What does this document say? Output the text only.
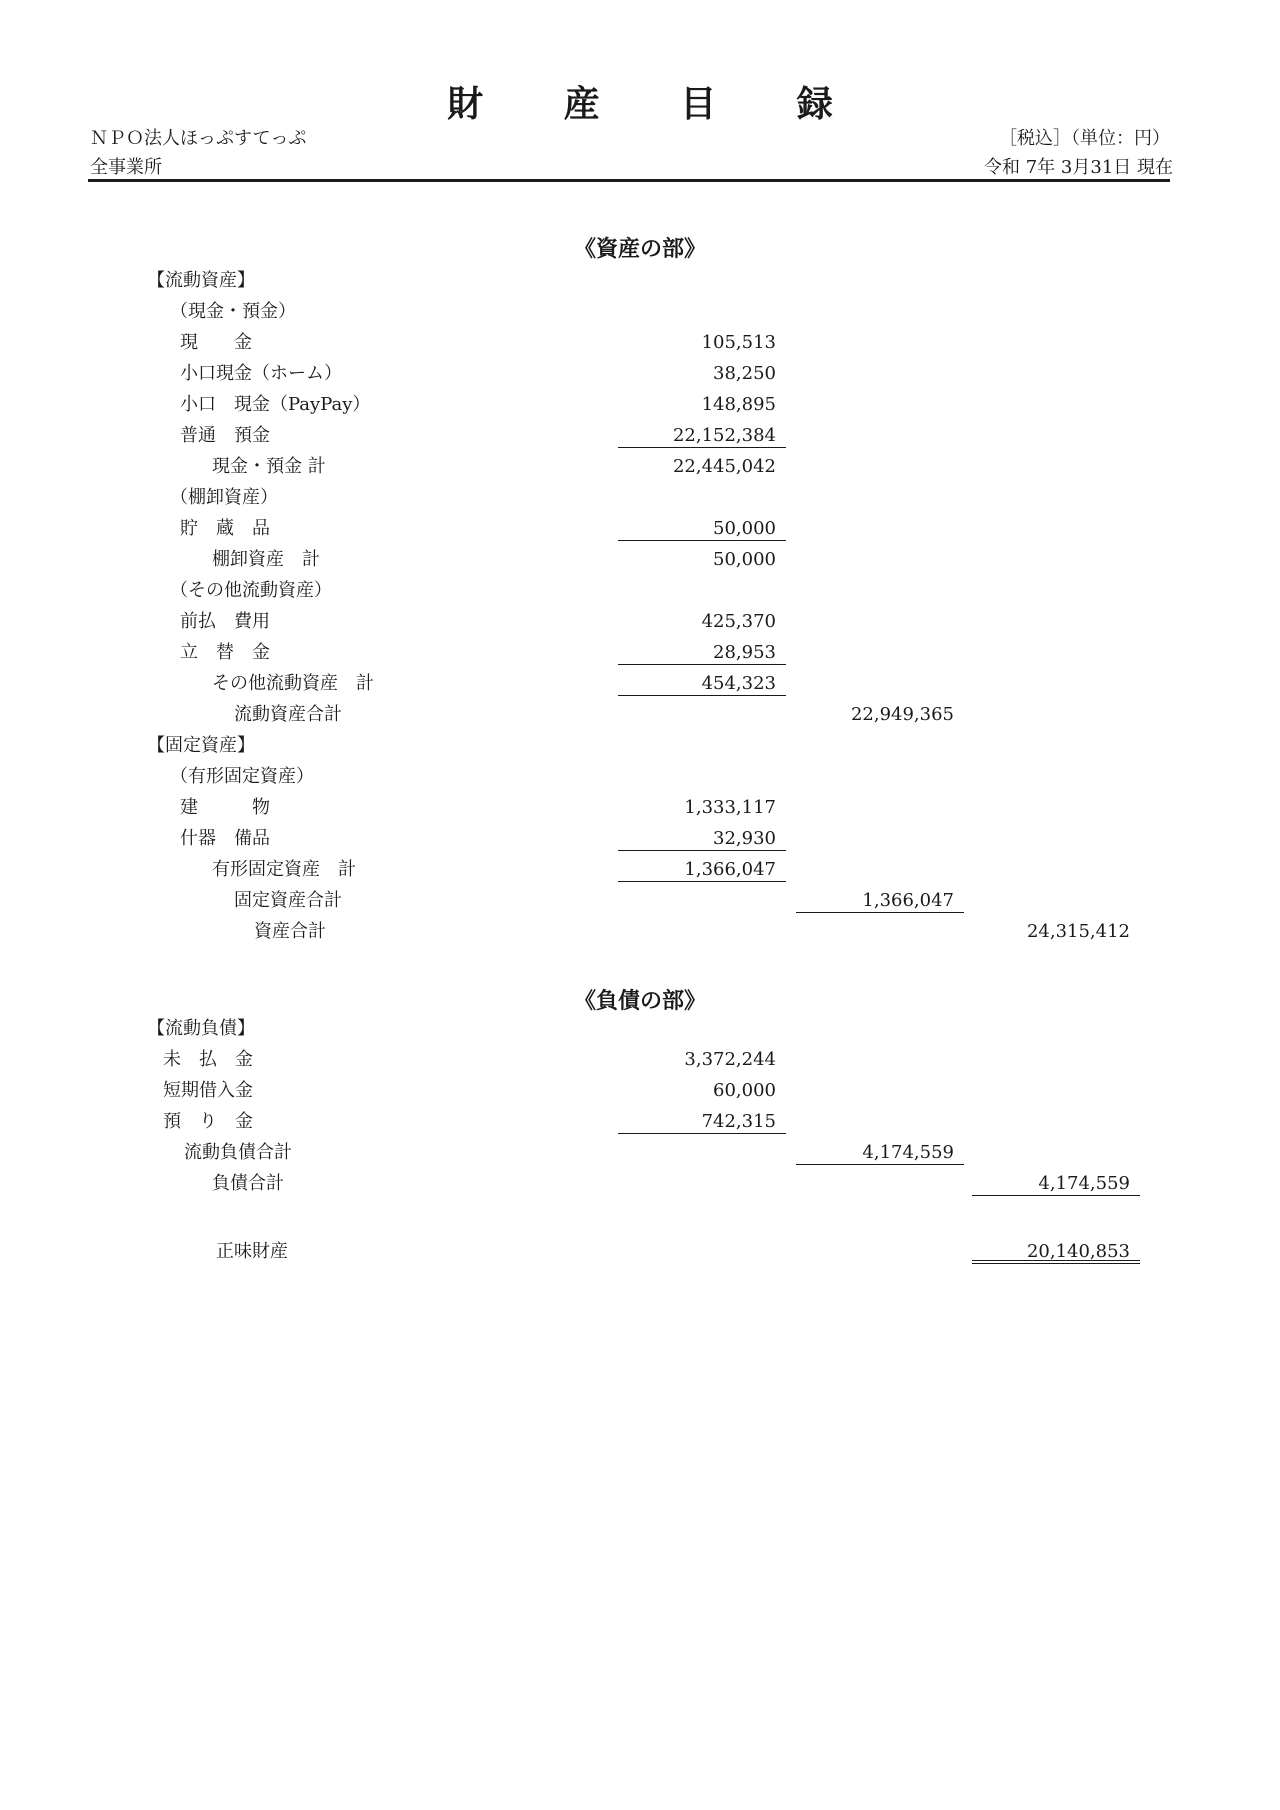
財 産 目 録
ＮＰＯ法人ほっぷすてっぷ
全事業所
［税込］（単位：円）
令和 7年 3月31日 現在
《資産の部》
【流動資産】
（現金・預金）
現　　金	105,513
小口現金（ホーム）	38,250
小口　現金（PayPay）	148,895
普通　預金	22,152,384
現金・預金 計	22,445,042
（棚卸資産）
貯　蔵　品	50,000
棚卸資産　計	50,000
（その他流動資産）
前払　費用	425,370
立　替　金	28,953
その他流動資産　計	454,323
流動資産合計	22,949,365
【固定資産】
（有形固定資産）
建　　　物	1,333,117
什器　備品	32,930
有形固定資産　計	1,366,047
固定資産合計	1,366,047
資産合計	24,315,412
《負債の部》
【流動負債】
未　払　金	3,372,244
短期借入金	60,000
預　り　金	742,315
流動負債合計	4,174,559
負債合計	4,174,559
正味財産	20,140,853
